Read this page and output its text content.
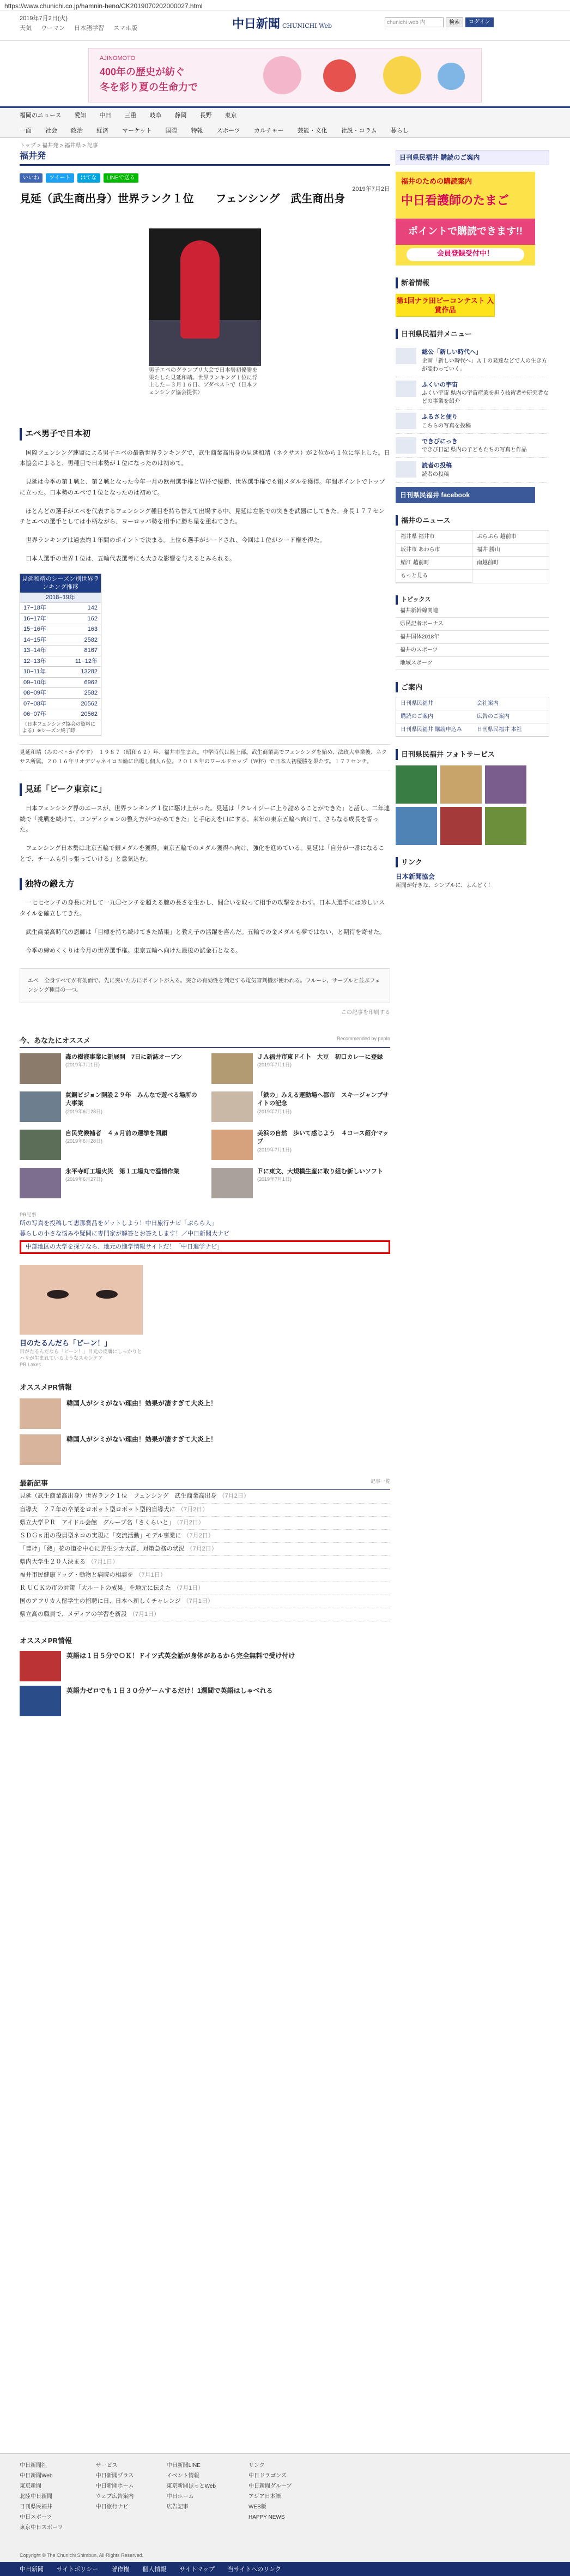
https://www.chunichi.co.jp/hamnin-heno/CK2019070202000027.html
2019年7月2日(火)
天気 ウーマン 日本語学習 スマホ版	中日新聞 CHUNICHI Web	chunichi web 内	検索	ログイン
AJINOMOTO
400年の歴史が紡ぐ
冬を彩り夏の生命力で
福岡のニュース 愛知 中日 三重 岐阜 静岡 長野 東京
一面 社会 政治 経済 マーケット 国際 特報 スポーツ カルチャー 芸能・文化 社説・コラム 暮らし
トップ > 福井発 > 福井県 > 記事
福井発
いいね	ツイート	はてな	LINEで送る
2019年7月2日
見延（武生商出身）世界ランク１位　　フェンシング　武生商出身
男子エペのグランプリ大会で日本勢初優勝を果たした見延和靖。世界ランキング１位に浮上した＝３月１６日、ブダペストで（日本フェンシング協会提供）
エペ男子で日本初

国際フェンシング連盟による男子エペの最新世界ランキングで、武生商業高出身の見延和靖（ネクサス）が２位から１位に浮上した。日本協会によると、男種目で日本勢が１位になったのは初めて。

見延は今季の第１戦と、第２戦となった今年一月の欧州選手権とＷ杯で優勝、世界選手権でも銅メダルを獲得。年間ポイントでトップに立った。日本勢のエペで１位となったのは初めて。

ほとんどの選手がエペを代表するフェンシング種目を持ち替えて出場する中、見延は左腕での突きを武器にしてきた。身長１７７センチとエペの選手としては小柄ながら、ヨーロッパ勢を相手に勝ち星を重ねてきた。

世界ランキングは過去約１年間のポイントで決まる。上位６選手がシードされ、今回は１位がシード権を得た。

日本人選手の世界１位は、五輪代表選考にも大きな影響を与えるとみられる。

見延和靖のシーズン別世界ランキング推移
2018−19年
17−18年	142
16−17年	162
15−16年	163
14−15年	2582
13−14年	8167
12−13年	11−12年
10−11年	13282
09−10年	6962
08−09年	2582
07−08年	20562
06−07年	20562
（日本フェンシング協会の資料による）※シーズン終了時
見延和靖（みのべ・かずやす）　１９８７（昭和６２）年、福井市生まれ。中学時代は陸上部。武生商業高でフェンシングを始め、法政大卒業後、ネクサス所属。２０１６年リオデジャネイロ五輪に出場し個人６位。２０１８年のワールドカップ（Ｗ杯）で日本人初優勝を果たす。１７７センチ。
見延「ピーク東京に」

日本フェンシング界のエースが、世界ランキング１位に駆け上がった。見延は「クレイジーに上り詰めることができた」と話し、二年連続で「挑戦を続けて、コンディションの整え方がつかめてきた」と手応えを口にする。来年の東京五輪へ向けて、さらなる成長を誓った。

フェンシング日本勢は北京五輪で銀メダルを獲得。東京五輪でのメダル獲得へ向け、強化を進めている。見延は「自分が一番になることで、チームも引っ張っていける」と意気込む。

独特の鍛え方

一七七センチの身長に対して一九〇センチを超える腕の長さを生かし、間合いを取って相手の攻撃をかわす。日本人選手には珍しいスタイルを確立してきた。

武生商業高時代の恩師は「目標を持ち続けてきた結果」と教え子の活躍を喜んだ。五輪での金メダルも夢ではない、と期待を寄せた。

今季の締めくくりは今月の世界選手権。東京五輪へ向けた最後の試金石となる。

エペ　全身すべてが有効面で、先に突いた方にポイントが入る。突きの有効性を判定する電気審判機が使われる。フルーレ、サーブルと並ぶフェンシング種目の一つ。
この記事を印刷する
今、あなたにオススメ	Recommended by popIn
森の樹液事業に新展開　7日に新誌オープン
(2019年7月1日)
ＪＡ福井市東ドイ卜　大豆　初口カレーに登録
(2019年7月1日)
氣鋼ビジョン開設２９年　みんなで遊べる場所の大事業
(2019年6月28日)
「鉄の」みえる運動場へ都市　スキージャンプサイトの記念
(2019年7月1日)
自民党候補者　４ヵ月前の選挙を回顧
(2019年6月28日)
美浜の自然　歩いて感じよう　４コース紹介マップ
(2019年7月1日)
永平寺町工場火災　第１工場丸で温情作業
(2019年6月27日)
Ｆに東文、大規模生産に取り組む新しいソフト
(2019年7月1日)
PR記事
所の写真を投稿して恵那賞品をゲットしよう！中日旅行ナビ「ぶらら人」
暮らしの小さな悩みや疑問に専門家が解答とお答えします！／中日新聞大ナビ
中部地区の大学を探すなら、地元の進学情報サイトだ！「中日進学ナビ」
目のたるんだら「ピーン！」
目がたるんだなら「ピーン！」目元の皮膚にしっかりとハリが生まれているようなスキンケア
PR Lakes
オススメPR情報
韓国人がシミがない理由！効果が凄すぎて大炎上！
韓国人がシミがない理由！効果が凄すぎて大炎上！
最新記事	記事一覧
見延（武生商業高出身）世界ランク１位　フェンシング　武生商業高出身 （7月2日）
盲導犬　２７年の卒業をロボット型ロボット型的盲導犬に （7月2日）
県立大学ＰＲ　アイドル会館　グループ名「さくらいと」 （7月2日）
ＳＤＧｓ用の役員型ネコの実現に「交流活動」モデル事業に （7月2日）
「豊け」「熱」花の道を中心に野生シカ大群、対策急務の状況 （7月2日）
県内大学生２０人決まる （7月1日）
福井市民健康ドッグ・動物と病院の相談を （7月1日）
Ｒ ＵＣＫの市の対策「大ルートの成果」を地元に伝えた （7月1日）
国のアフリカ人留学生の招聘に日、日本へ新しくチャレンジ （7月1日）
県立高の職員で、メディアの学習を新設 （7月1日）
オススメPR情報
英語は１日５分でＯＫ！ドイツ式英会話が身体があるから完全無料で受け付け
英語力ゼロでも１日３０分ゲームするだけ！1週間で英語はしゃべれる
日刊県民福井 購読のご案内
福井のための購読案内
中日看護師のたまご
ポイントで購読できます!!
会員登録受付中！
新着情報
第1回ナラ田ピーコンテスト 入賞作品
日刊県民福井メニュー
総公「新しい時代へ」
企画「新しい時代へ」ＡＩの発達などで人の生き方が変わっていく。
ふくいの宇宙
ふくい宇宙 県内の宇宙産業を担う技術者や研究者などの事業を紹介
ふるさと便り
こちらの写真を投稿
できびにっき
できび日記 県内の子どもたちの写真と作品
読者の投稿
読者の投稿
日刊県民福井 facebook
福井のニュース
福井県 福井市	ぶらぶら 越前市
坂井市 あわら市	福井 勝山
鯖江 越前町	南越前町
もっと見る
トピックス
福井新幹線関連
県民記者ボーナス
福井国体2018年
福井のスポーツ
地域スポーツ
ご案内
日刊県民福井	会社案内
購読のご案内	広告のご案内
日刊県民福井 購読申込み	日刊県民福井 本社
日刊県民福井 フォトサービス
リンク
日本新聞協会
新聞が好きな、シンプルに、よんどく！
中日新聞社
中日新聞Web
東京新聞
北陸中日新聞
日刊県民福井
中日スポーツ
東京中日スポーツ
サービス
中日新聞プラス
中日新聞ホーム
ウェブ広告案内
中日旅行ナビ
中日新聞LINE
イベント情報
東京新聞ほっとWeb
中日ホーム
広告記事
リンク
中日ドラゴンズ
中日新聞グループ
アジア日本語
WEB版
HAPPY NEWS
Copyright © The Chunichi Shimbun, All Rights Reserved.
中日新聞 サイトポリシー 著作権 個人情報 サイトマップ 当サイトへのリンク
